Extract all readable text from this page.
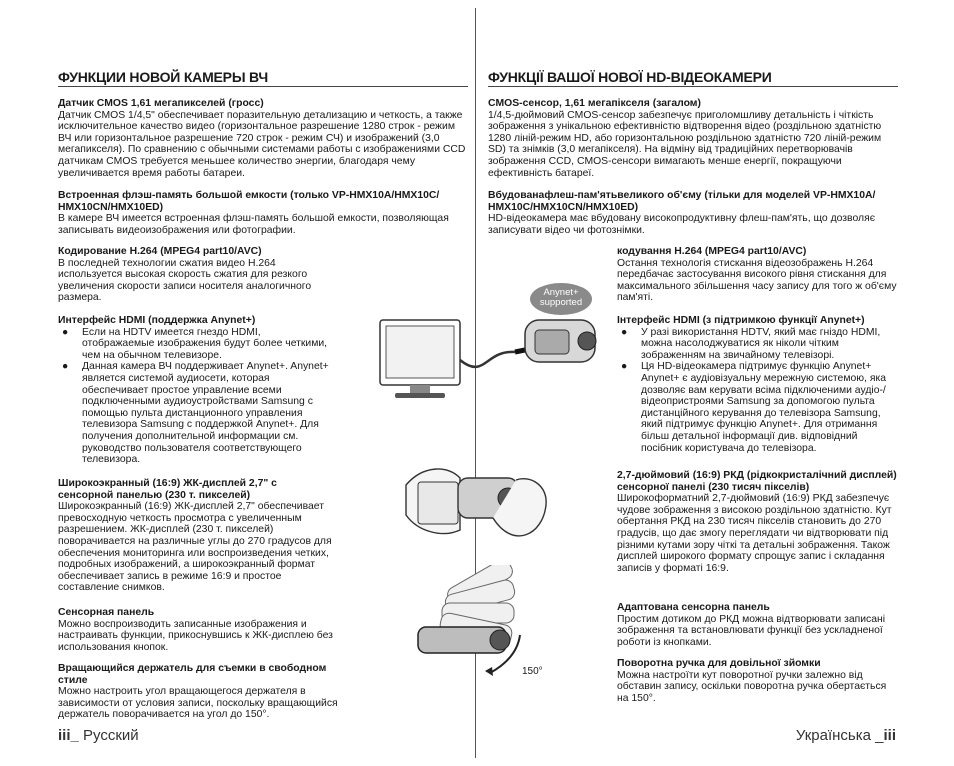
ФУНКЦИИ НОВОЙ КАМЕРЫ ВЧ

Датчик CMOS 1,61 мегапикселей (гросс)

Датчик CMOS 1/4,5" обеспечивает поразительную детализацию и четкость, а также исключительное качество видео (горизонтальное разрешение 1280 строк - режим ВЧ или горизонтальное разрешение 720 строк - режим СЧ) и изображений (3,0 мегапикселя). По сравнению с обычными системами работы с изображениями CCD датчикам CMOS требуется меньшее количество энергии, благодаря чему увеличивается время работы батареи.

Встроенная флэш-память большой емкости (только VP-HMX10A/HMX10C/ HMX10CN/HMX10ED)

В камере ВЧ имеется встроенная флэш-память большой емкости, позволяющая записывать видеоизображения или фотографии.

Кодирование H.264 (MPEG4 part10/AVC)

В последней технологии сжатия видео H.264 используется высокая скорость сжатия для резкого увеличения скорости записи носителя аналогичного размера.

Интерфейс HDMI (поддержка Anynet+)

● Если на HDTV имеется гнездо HDMI, отображаемые изображения будут более четкими, чем на обычном телевизоре.

● Данная камера ВЧ поддерживает Anynet+. Anynet+ является системой аудиосети, которая обеспечивает простое управление всеми подключенными аудиоустройствами Samsung с помощью пульта дистанционного управления телевизора Samsung с поддержкой Anynet+. Для получения дополнительной информации см. руководство пользователя соответствующего телевизора.

Широкоэкранный (16:9) ЖК-дисплей 2,7" с сенсорной панелью (230 т. пикселей)

Широкоэкранный (16:9) ЖК-дисплей 2,7" обеспечивает превосходную четкость просмотра с увеличенным разрешением. ЖК-дисплей (230 т. пикселей) поворачивается на различные углы до 270 градусов для обеспечения мониторинга или воспроизведения четких, подробных изображений, а широкоэкранный формат обеспечивает запись в режиме 16:9 и простое составление снимков.

Сенсорная панель

Можно воспроизводить записанные изображения и настраивать функции, прикоснувшись к ЖК-дисплею без использования кнопок.

Вращающийся держатель для съемки в свободном стиле

Можно настроить угол вращающегося держателя в зависимости от условия записи, поскольку вращающийся держатель поворачивается на угол до 150°.

iii_ Русский
ФУНКЦІЇ ВАШОЇ НОВОЇ HD-ВІДЕОКАМЕРИ

CMOS-сенсор, 1,61 мегапікселя (загалом)

1/4,5-дюймовий CMOS-сенсор забезпечує приголомшливу детальність і чіткість зображення з унікальною ефективністю відтворення відео (роздільною здатністю 1280 ліній-режим HD, або горизонтальною роздільною здатністю 720 ліній-режим SD) та знімків (3,0 мегапікселя). На відміну від традиційних перетворювачів зображення CCD, CMOS-сенсори вимагають менше енергії, покращуючи ефективність батареї.

Вбудованафлеш-пам'ятьвеликого об'єму (тільки для моделей VP-HMX10A/ HMX10C/HMX10CN/HMX10ED)

HD-відеокамера має вбудовану високопродуктивну флеш-пам'ять, що дозволяє записувати відео чи фотознімки.

кодування H.264 (MPEG4 part10/AVC)

Остання технологія стискання відеозображень H.264 передбачає застосування високого рівня стискання для максимального збільшення часу запису для того ж об'єму пам'яті.

Інтерфейс HDMI (з підтримкою функції Anynet+)

● У разі використання HDTV, який має гніздо HDMI, можна насолоджуватися як ніколи чітким зображенням на звичайному телевізорі.

● Ця HD-відеокамера підтримує функцію Anynet+ Anynet+ є аудіовізуальну мережную системою, яка дозволяє вам керувати всіма підключеними аудіо-/відеопристроями Samsung за допомогою пульта дистанційного керування до телевізора Samsung, який підтримує функцію Anynet+. Для отримання більш детальної інформації див. відповідний посібник користувача до телевізора.

2,7-дюймовий (16:9) РКД (рідкокристалічний дисплей) сенсорної панелі (230 тисяч пікселів)

Широкоформатний 2,7-дюймовий (16:9) РКД забезпечує чудове зображення з високою роздільною здатністю. Кут обертання РКД на 230 тисяч пікселів становить до 270 градусів, що дає змогу переглядати чи відтворювати під різними кутами зору чіткі та детальні зображення. Також дисплей широкого формату спрощує запис і складання записів у форматі 16:9.

Адаптована сенсорна панель

Простим дотиком до РКД можна відтворювати записані зображення та встановлювати функції без ускладненої роботи із кнопками.

Поворотна ручка для довільної зйомки

Можна настроїти кут поворотної ручки залежно від обставин запису, оскільки поворотна ручка обертається на 150°.

Українська _iii
Anynet+ supported
150°
